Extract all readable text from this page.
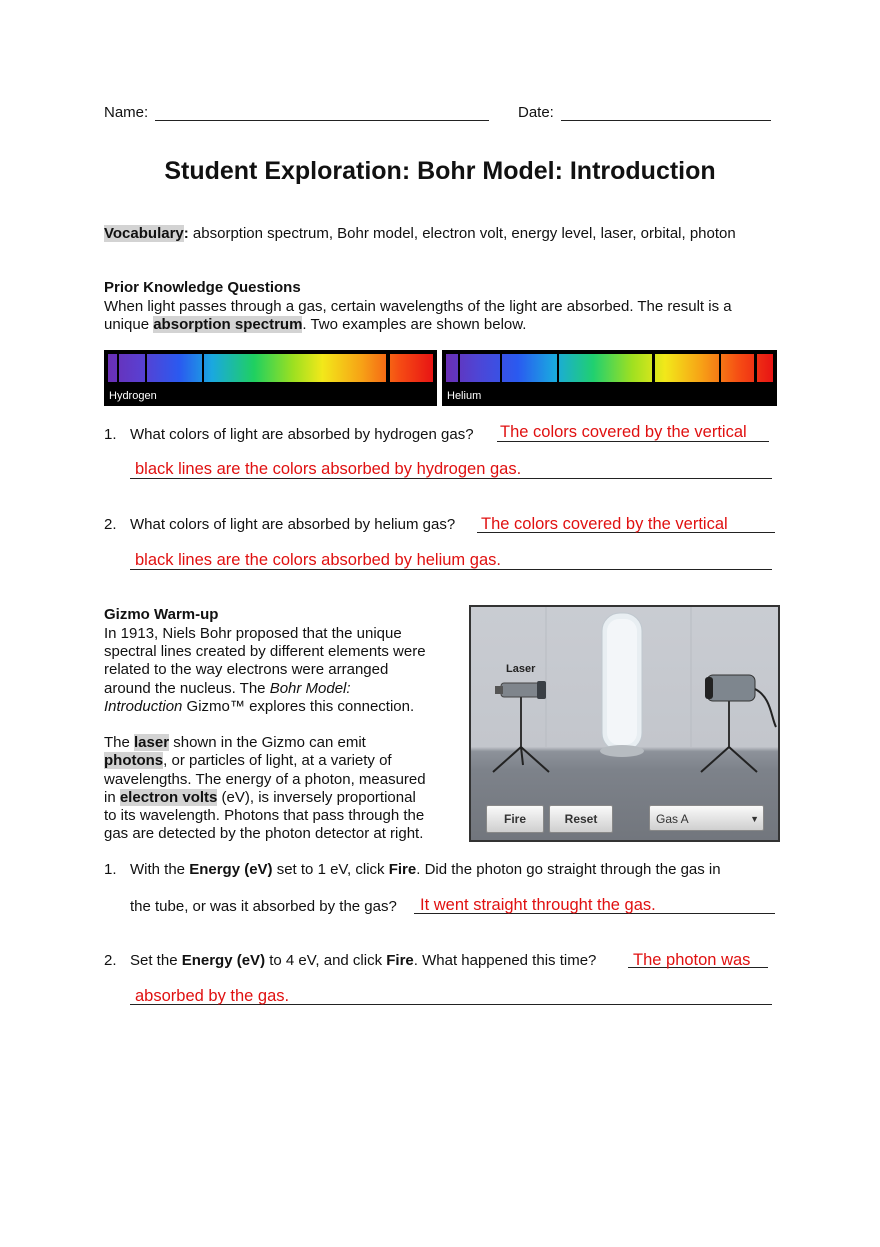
Name:	Date:
Student Exploration: Bohr Model: Introduction
Vocabulary: absorption spectrum, Bohr model, electron volt, energy level, laser, orbital, photon
Prior Knowledge Questions
When light passes through a gas, certain wavelengths of the light are absorbed. The result is a
unique absorption spectrum. Two examples are shown below.
Hydrogen	Helium
1. What colors of light are absorbed by hydrogen gas? The colors covered by the vertical
black lines are the colors absorbed by hydrogen gas.
2. What colors of light are absorbed by helium gas? The colors covered by the vertical
black lines are the colors absorbed by helium gas.
Gizmo Warm-up
In 1913, Niels Bohr proposed that the unique
spectral lines created by different elements were
related to the way electrons were arranged
around the nucleus. The Bohr Model:
Introduction Gizmo™ explores this connection.
The laser shown in the Gizmo can emit
photons, or particles of light, at a variety of
wavelengths. The energy of a photon, measured
in electron volts (eV), is inversely proportional
to its wavelength. Photons that pass through the
gas are detected by the photon detector at right.
Laser
Fire	Reset	Gas A	▼
1. With the Energy (eV) set to 1 eV, click Fire. Did the photon go straight through the gas in
the tube, or was it absorbed by the gas? It went straight throught the gas.
2. Set the Energy (eV) to 4 eV, and click Fire. What happened this time? The photon was
absorbed by the gas.
